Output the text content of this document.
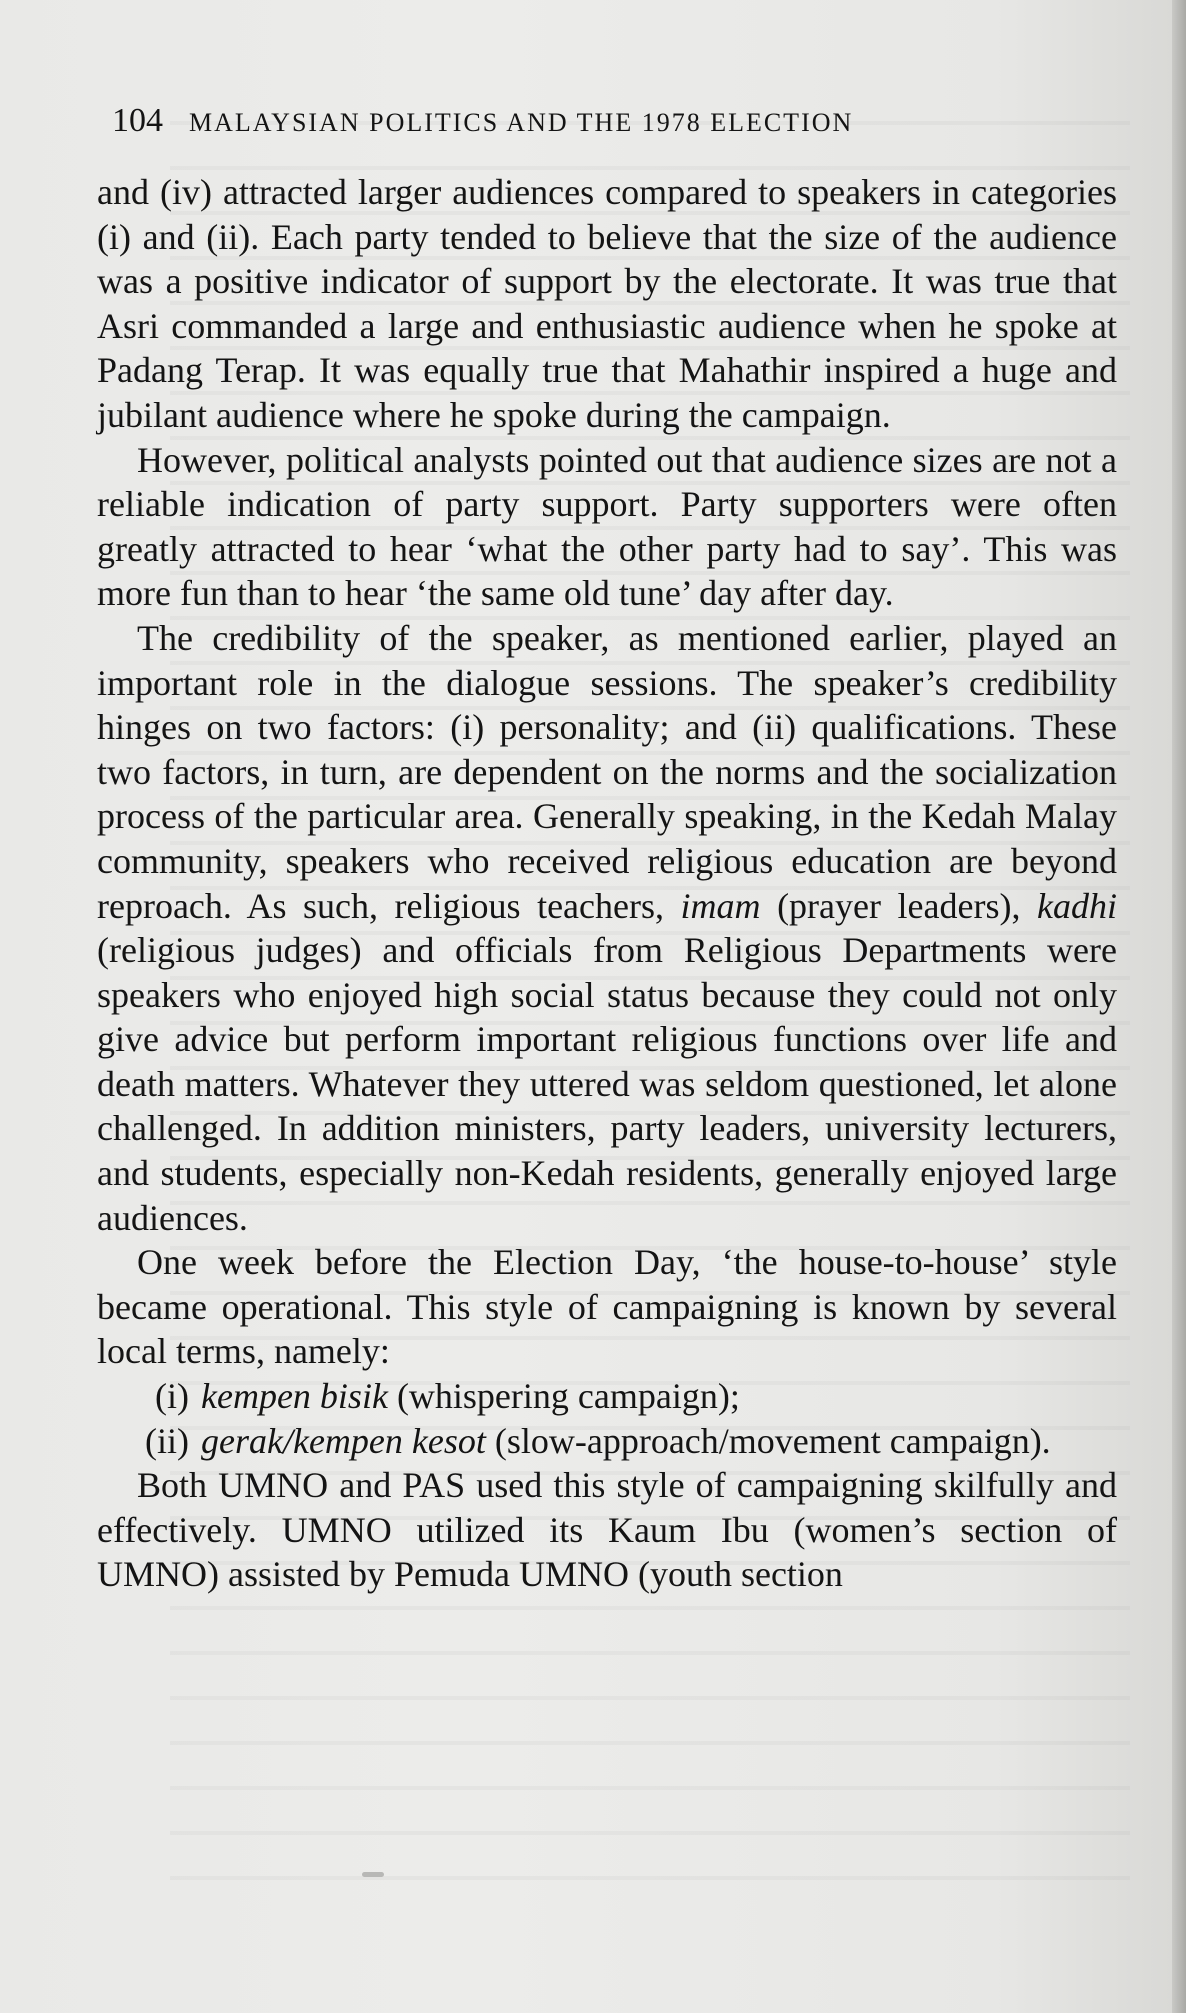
104 MALAYSIAN POLITICS AND THE 1978 ELECTION

and (iv) attracted larger audiences compared to speakers in categories (i) and (ii). Each party tended to believe that the size of the audience was a positive indicator of support by the electorate. It was true that Asri commanded a large and enthusiastic audience when he spoke at Padang Terap. It was equally true that Mahathir inspired a huge and jubilant audience where he spoke during the campaign.

However, political analysts pointed out that audience sizes are not a reliable indication of party support. Party supporters were often greatly attracted to hear ‘what the other party had to say’. This was more fun than to hear ‘the same old tune’ day after day.

The credibility of the speaker, as mentioned earlier, played an important role in the dialogue sessions. The speaker’s credibility hinges on two factors: (i) personality; and (ii) qualifications. These two factors, in turn, are dependent on the norms and the socialization process of the particular area. Generally speaking, in the Kedah Malay community, speakers who received religious education are beyond reproach. As such, religious teachers, imam (prayer leaders), kadhi (religious judges) and officials from Religious Departments were speakers who enjoyed high social status because they could not only give advice but perform important religious functions over life and death matters. Whatever they uttered was seldom questioned, let alone challenged. In addition ministers, party leaders, university lecturers, and students, especially non-Kedah residents, generally enjoyed large audiences.

One week before the Election Day, ‘the house-to-house’ style became operational. This style of campaigning is known by several local terms, namely:

(i) kempen bisik (whispering campaign);
(ii) gerak/kempen kesot (slow-approach/movement campaign).

Both UMNO and PAS used this style of campaigning skilfully and effectively. UMNO utilized its Kaum Ibu (women’s section of UMNO) assisted by Pemuda UMNO (youth section
